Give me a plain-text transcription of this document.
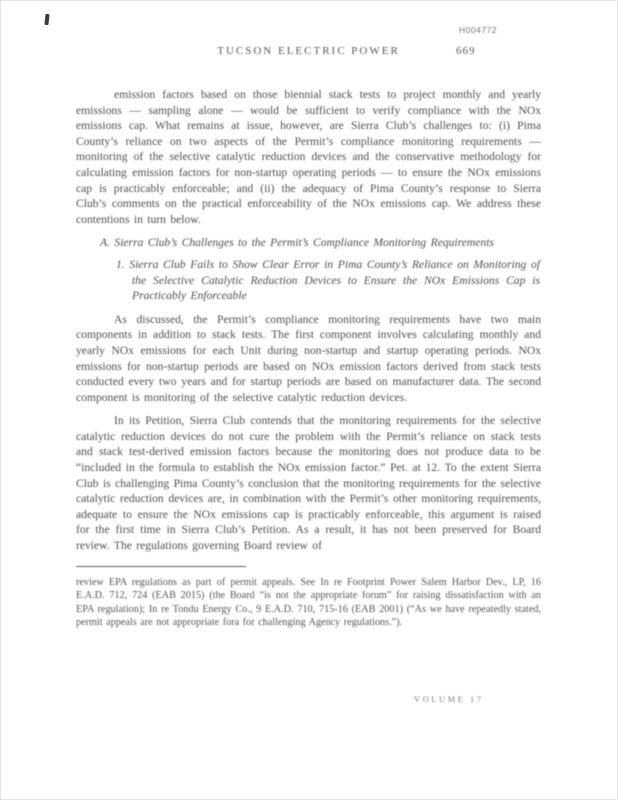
H004772
TUCSON ELECTRIC POWER	669

emission factors based on those biennial stack tests to project monthly and yearly emissions — sampling alone — would be sufficient to verify compliance with the NOx emissions cap. What remains at issue, however, are Sierra Club’s challenges to: (i) Pima County’s reliance on two aspects of the Permit’s compliance monitoring requirements — monitoring of the selective catalytic reduction devices and the conservative methodology for calculating emission factors for non-startup operating periods — to ensure the NOx emissions cap is practicably enforceable; and (ii) the adequacy of Pima County’s response to Sierra Club’s comments on the practical enforceability of the NOx emissions cap. We address these contentions in turn below.

A. Sierra Club’s Challenges to the Permit’s Compliance Monitoring Requirements

1. Sierra Club Fails to Show Clear Error in Pima County’s Reliance on Monitoring of the Selective Catalytic Reduction Devices to Ensure the NOx Emissions Cap is Practicably Enforceable

As discussed, the Permit’s compliance monitoring requirements have two main components in addition to stack tests. The first component involves calculating monthly and yearly NOx emissions for each Unit during non-startup and startup operating periods. NOx emissions for non-startup periods are based on NOx emission factors derived from stack tests conducted every two years and for startup periods are based on manufacturer data. The second component is monitoring of the selective catalytic reduction devices.

In its Petition, Sierra Club contends that the monitoring requirements for the selective catalytic reduction devices do not cure the problem with the Permit’s reliance on stack tests and stack test-derived emission factors because the monitoring does not produce data to be “included in the formula to establish the NOx emission factor.” Pet. at 12. To the extent Sierra Club is challenging Pima County’s conclusion that the monitoring requirements for the selective catalytic reduction devices are, in combination with the Permit’s other monitoring requirements, adequate to ensure the NOx emissions cap is practicably enforceable, this argument is raised for the first time in Sierra Club’s Petition. As a result, it has not been preserved for Board review. The regulations governing Board review of

review EPA regulations as part of permit appeals. See In re Footprint Power Salem Harbor Dev., LP, 16 E.A.D. 712, 724 (EAB 2015) (the Board “is not the appropriate forum” for raising dissatisfaction with an EPA regulation); In re Tondu Energy Co., 9 E.A.D. 710, 715-16 (EAB 2001) (“As we have repeatedly stated, permit appeals are not appropriate fora for challenging Agency regulations.”).

VOLUME 17
